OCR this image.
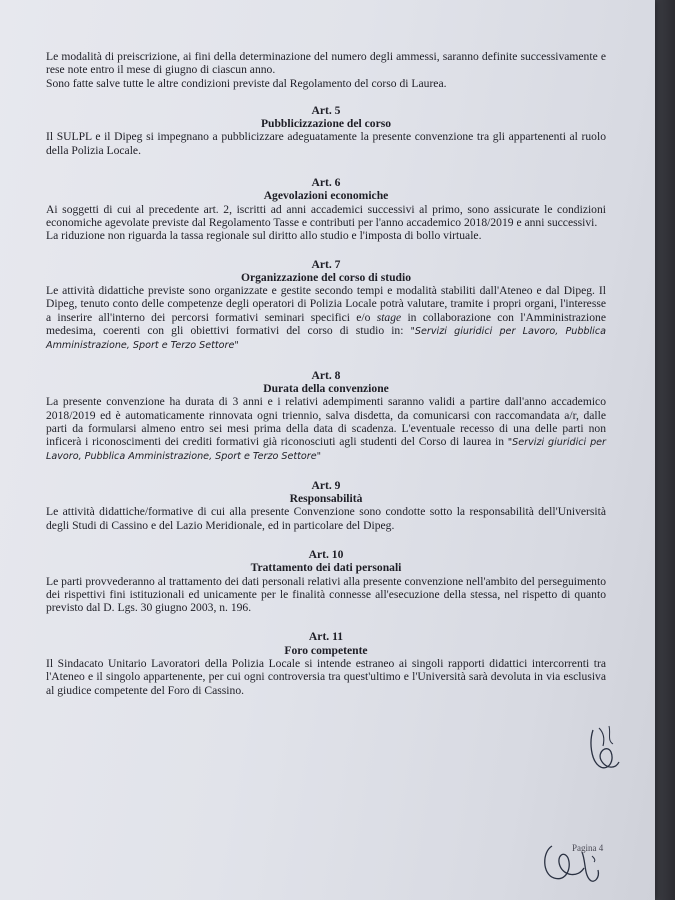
Le modalità di preiscrizione, ai fini della determinazione del numero degli ammessi, saranno definite successivamente e rese note entro il mese di giugno di ciascun anno.

Sono fatte salve tutte le altre condizioni previste dal Regolamento del corso di Laurea.

Art. 5

Pubblicizzazione del corso

Il SULPL e il Dipeg si impegnano a pubblicizzare adeguatamente la presente convenzione tra gli appartenenti al ruolo della Polizia Locale.

Art. 6

Agevolazioni economiche

Ai soggetti di cui al precedente art. 2, iscritti ad anni accademici successivi al primo, sono assicurate le condizioni economiche agevolate previste dal Regolamento Tasse e contributi per l'anno accademico 2018/2019 e anni successivi.

La riduzione non riguarda la tassa regionale sul diritto allo studio e l'imposta di bollo virtuale.

Art. 7

Organizzazione del corso di studio

Le attività didattiche previste sono organizzate e gestite secondo tempi e modalità stabiliti dall'Ateneo e dal Dipeg. Il Dipeg, tenuto conto delle competenze degli operatori di Polizia Locale potrà valutare, tramite i propri organi, l'interesse a inserire all'interno dei percorsi formativi seminari specifici e/o stage in collaborazione con l'Amministrazione medesima, coerenti con gli obiettivi formativi del corso di studio in: "Servizi giuridici per Lavoro, Pubblica Amministrazione, Sport e Terzo Settore"

Art. 8

Durata della convenzione

La presente convenzione ha durata di 3 anni e i relativi adempimenti saranno validi a partire dall'anno accademico 2018/2019 ed è automaticamente rinnovata ogni triennio, salva disdetta, da comunicarsi con raccomandata a/r, dalle parti da formularsi almeno entro sei mesi prima della data di scadenza. L'eventuale recesso di una delle parti non inficerà i riconoscimenti dei crediti formativi già riconosciuti agli studenti del Corso di laurea in "Servizi giuridici per Lavoro, Pubblica Amministrazione, Sport e Terzo Settore"

Art. 9

Responsabilità

Le attività didattiche/formative di cui alla presente Convenzione sono condotte sotto la responsabilità dell'Università degli Studi di Cassino e del Lazio Meridionale, ed in particolare del Dipeg.

Art. 10

Trattamento dei dati personali

Le parti provvederanno al trattamento dei dati personali relativi alla presente convenzione nell'ambito del perseguimento dei rispettivi fini istituzionali ed unicamente per le finalità connesse all'esecuzione della stessa, nel rispetto di quanto previsto dal D. Lgs. 30 giugno 2003, n. 196.

Art. 11

Foro competente

Il Sindacato Unitario Lavoratori della Polizia Locale si intende estraneo ai singoli rapporti didattici intercorrenti tra l'Ateneo e il singolo appartenente, per cui ogni controversia tra quest'ultimo e l'Università sarà devoluta in via esclusiva al giudice competente del Foro di Cassino.

Pagina 4
